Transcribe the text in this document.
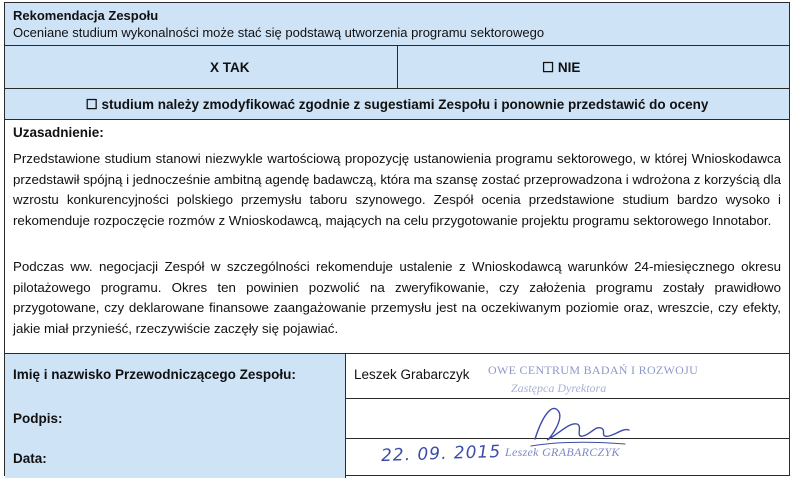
Rekomendacja Zespołu
Oceniane studium wykonalności może stać się podstawą utworzenia programu sektorowego
X TAK	☐ NIE
☐ studium należy zmodyfikować zgodnie z sugestiami Zespołu i ponownie przedstawić do oceny
Uzasadnienie:
Przedstawione studium stanowi niezwykle wartościową propozycję ustanowienia programu sektorowego, w której Wnioskodawca przedstawił spójną i jednocześnie ambitną agendę badawczą, która ma szansę zostać przeprowadzona i wdrożona z korzyścią dla wzrostu konkurencyjności polskiego przemysłu taboru szynowego. Zespół ocenia przedstawione studium bardzo wysoko i rekomenduje rozpoczęcie rozmów z Wnioskodawcą, mających na celu przygotowanie projektu programu sektorowego Innotabor.
Podczas ww. negocjacji Zespół w szczególności rekomenduje ustalenie z Wnioskodawcą warunków 24-miesięcznego okresu pilotażowego programu. Okres ten powinien pozwolić na zweryfikowanie, czy założenia programu zostały prawidłowo przygotowane, czy deklarowane finansowe zaangażowanie przemysłu jest na oczekiwanym poziomie oraz, wreszcie, czy efekty, jakie miał przynieść, rzeczywiście zaczęły się pojawiać.
Imię i nazwisko Przewodniczącego Zespołu:	Leszek Grabarczyk OWE CENTRUM BADAŃ I ROZWOJU
Zastępca Dyrektora
Podpis:
Data:	22. 09. 2015 Leszek GRABARCZYK
